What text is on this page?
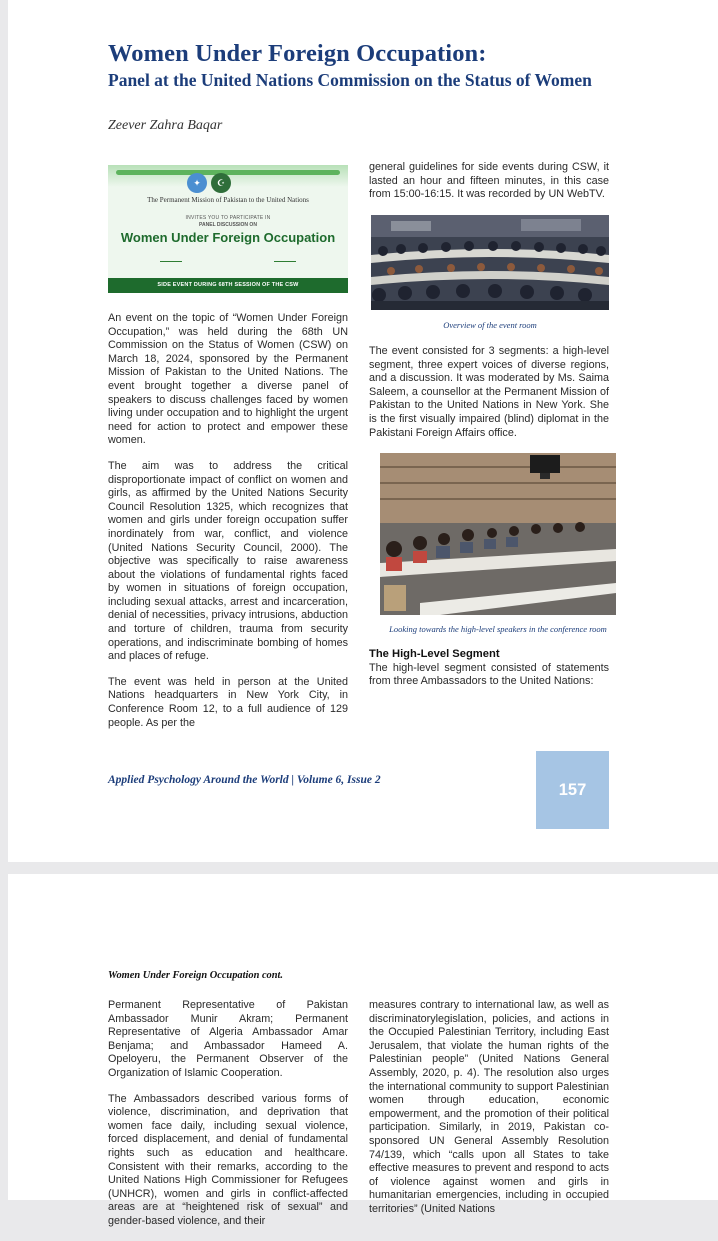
Women Under Foreign Occupation:
Panel at the United Nations Commission on the Status of Women
Zeever Zahra Baqar
✦	☪
The Permanent Mission of Pakistan to the United Nations
INVITES YOU TO PARTICIPATE IN
PANEL DISCUSSION ON
Women Under Foreign Occupation
SIDE EVENT DURING 68TH SESSION OF THE CSW

An event on the topic of “Women Under Foreign Occupation,” was held during the 68th UN Commission on the Status of Women (CSW) on March 18, 2024, sponsored by the Permanent Mission of Pakistan to the United Nations. The event brought together a diverse panel of speakers to discuss challenges faced by women living under occupation and to highlight the urgent need for action to protect and empower these women.

The aim was to address the critical disproportionate impact of conflict on women and girls, as affirmed by the United Nations Security Council Resolution 1325, which recognizes that women and girls under foreign occupation suffer inordinately from war, conflict, and violence (United Nations Security Council, 2000). The objective was specifically to raise awareness about the violations of fundamental rights faced by women in situations of foreign occupation, including sexual attacks, arrest and incarceration, denial of necessities, privacy intrusions, abduction and torture of children, trauma from security operations, and indiscriminate bombing of homes and places of refuge.

The event was held in person at the United Nations headquarters in New York City, in Conference Room 12, to a full audience of 129 people. As per the

general guidelines for side events during CSW, it lasted an hour and fifteen minutes, in this case from 15:00-16:15. It was recorded by UN WebTV.

Overview of the event room

The event consisted for 3 segments: a high-level segment, three expert voices of diverse regions, and a discussion. It was moderated by Ms. Saima Saleem, a counsellor at the Permanent Mission of Pakistan to the United Nations in New York. She is the first visually impaired (blind) diplomat in the Pakistani Foreign Affairs office.

Looking towards the high-level speakers in the conference room
The High-Level Segment

The high-level segment consisted of statements from three Ambassadors to the United Nations:

Applied Psychology Around the World | Volume 6, Issue 2
157
Women Under Foreign Occupation cont.

Permanent Representative of Pakistan Ambassador Munir Akram; Permanent Representative of Algeria Ambassador Amar Benjama; and Ambassador Hameed A. Opeloyeru, the Permanent Observer of the Organization of Islamic Cooperation.

The Ambassadors described various forms of violence, discrimination, and deprivation that women face daily, including sexual violence, forced displacement, and denial of fundamental rights such as education and healthcare. Consistent with their remarks, according to the United Nations High Commissioner for Refugees (UNHCR), women and girls in conflict-affected areas are at “heightened risk of sexual” and gender-based violence, and their

measures contrary to international law, as well as discriminatorylegislation, policies, and actions in the Occupied Palestinian Territory, including East Jerusalem, that violate the human rights of the Palestinian people” (United Nations General Assembly, 2020, p. 4). The resolution also urges the international community to support Palestinian women through education, economic empowerment, and the promotion of their political participation. Similarly, in 2019, Pakistan co-sponsored UN General Assembly Resolution 74/139, which “calls upon all States to take effective measures to prevent and respond to acts of violence against women and girls in humanitarian emergencies, including in occupied territories” (United Nations
